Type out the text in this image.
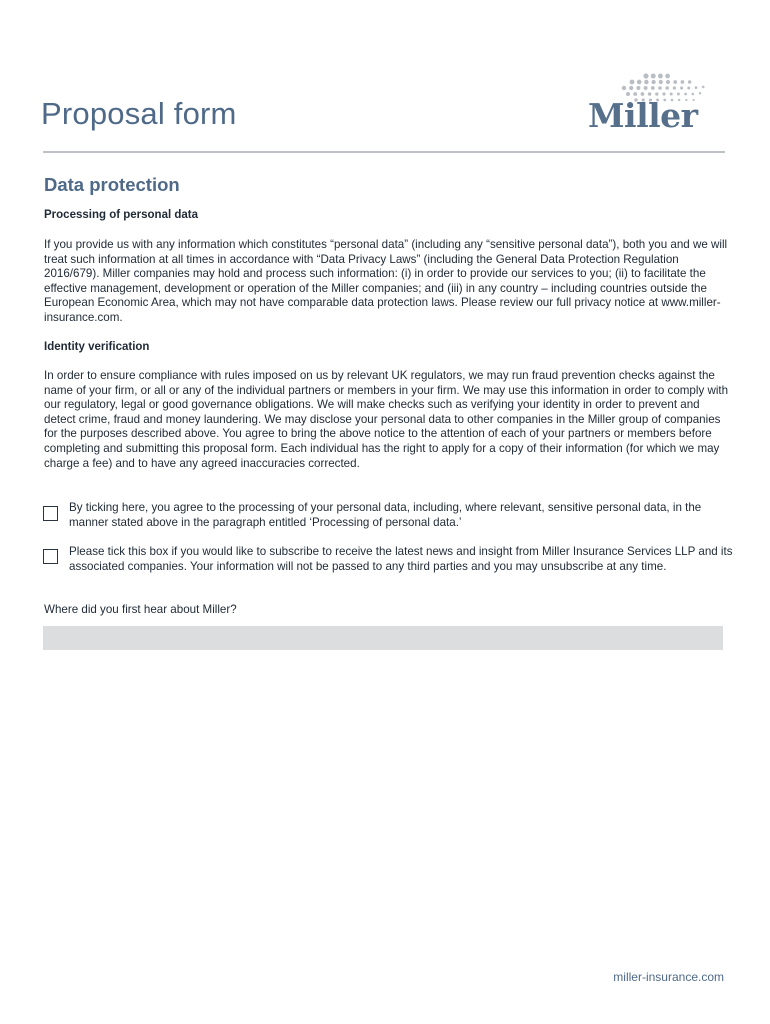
Proposal form	Miller
Data protection
Processing of personal data
If you provide us with any information which constitutes “personal data” (including any “sensitive personal data”), both you and we will treat such information at all times in accordance with “Data Privacy Laws” (including the General Data Protection Regulation 2016/679). Miller companies may hold and process such information: (i) in order to provide our services to you; (ii) to facilitate the effective management, development or operation of the Miller companies; and (iii) in any country – including countries outside the European Economic Area, which may not have comparable data protection laws. Please review our full privacy notice at www.miller-insurance.com.
Identity verification
In order to ensure compliance with rules imposed on us by relevant UK regulators, we may run fraud prevention checks against the name of your firm, or all or any of the individual partners or members in your firm. We may use this information in order to comply with our regulatory, legal or good governance obligations. We will make checks such as verifying your identity in order to prevent and detect crime, fraud and money laundering. We may disclose your personal data to other companies in the Miller group of companies for the purposes described above. You agree to bring the above notice to the attention of each of your partners or members before completing and submitting this proposal form. Each individual has the right to apply for a copy of their information (for which we may charge a fee) and to have any agreed inaccuracies corrected.
By ticking here, you agree to the processing of your personal data, including, where relevant, sensitive personal data, in the manner stated above in the paragraph entitled ‘Processing of personal data.’
Please tick this box if you would like to subscribe to receive the latest news and insight from Miller Insurance Services LLP and its associated companies. Your information will not be passed to any third parties and you may unsubscribe at any time.
Where did you first hear about Miller?
miller-insurance.com
